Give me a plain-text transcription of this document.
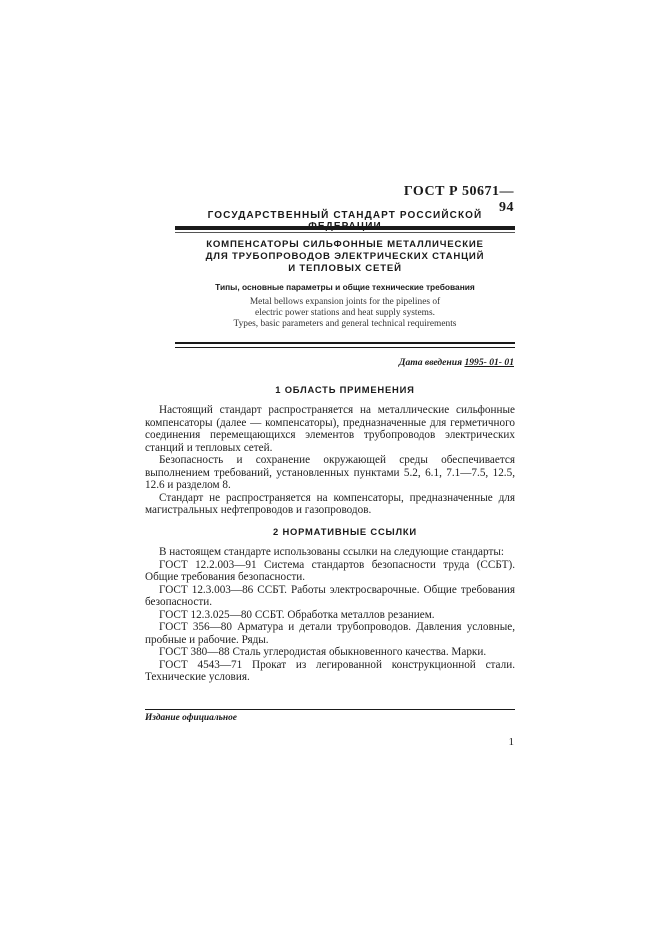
ГОСТ Р 50671—94
ГОСУДАРСТВЕННЫЙ СТАНДАРТ РОССИЙСКОЙ
КОМПЕНСАТОРЫ СИЛЬФОННЫЕ МЕТАЛЛИЧЕСКИЕ
ДЛЯ ТРУБОПРОВОДОВ ЭЛЕКТРИЧЕСКИХ СТАНЦИЙ
И ТЕПЛОВЫХ СЕТЕЙ
Типы, основные параметры и общие технические требования
Metal bellows expansion joints for the pipelines of
electric power stations and heat supply systems.
Types, basic parameters and general technical requirements
Дата введения 1995- 01- 01
1 ОБЛАСТЬ ПРИМЕНЕНИЯ

Настоящий стандарт распространяется на металлические сильфонные компенсаторы (далее — компенсаторы), предназначенные для герметичного соединения перемещающихся элементов трубопроводов электрических станций и тепловых сетей.

Безопасность и сохранение окружающей среды обеспечивается выполнением требований, установленных пунктами 5.2, 6.1, 7.1—7.5, 12.5, 12.6 и разделом 8.

Стандарт не распространяется на компенсаторы, предназначенные для магистральных нефтепроводов и газопроводов.

2 НОРМАТИВНЫЕ ССЫЛКИ

В настоящем стандарте использованы ссылки на следующие стандарты:

ГОСТ 12.2.003—91 Система стандартов безопасности труда (ССБТ). Общие требования безопасности.

ГОСТ 12.3.003—86 ССБТ. Работы электросварочные. Общие требования безопасности.

ГОСТ 12.3.025—80 ССБТ. Обработка металлов резанием.

ГОСТ 356—80 Арматура и детали трубопроводов. Давления условные, пробные и рабочие. Ряды.

ГОСТ 380—88 Сталь углеродистая обыкновенного качества. Марки.

ГОСТ 4543—71 Прокат из легированной конструкционной стали. Технические условия.

Издание официальное
1
